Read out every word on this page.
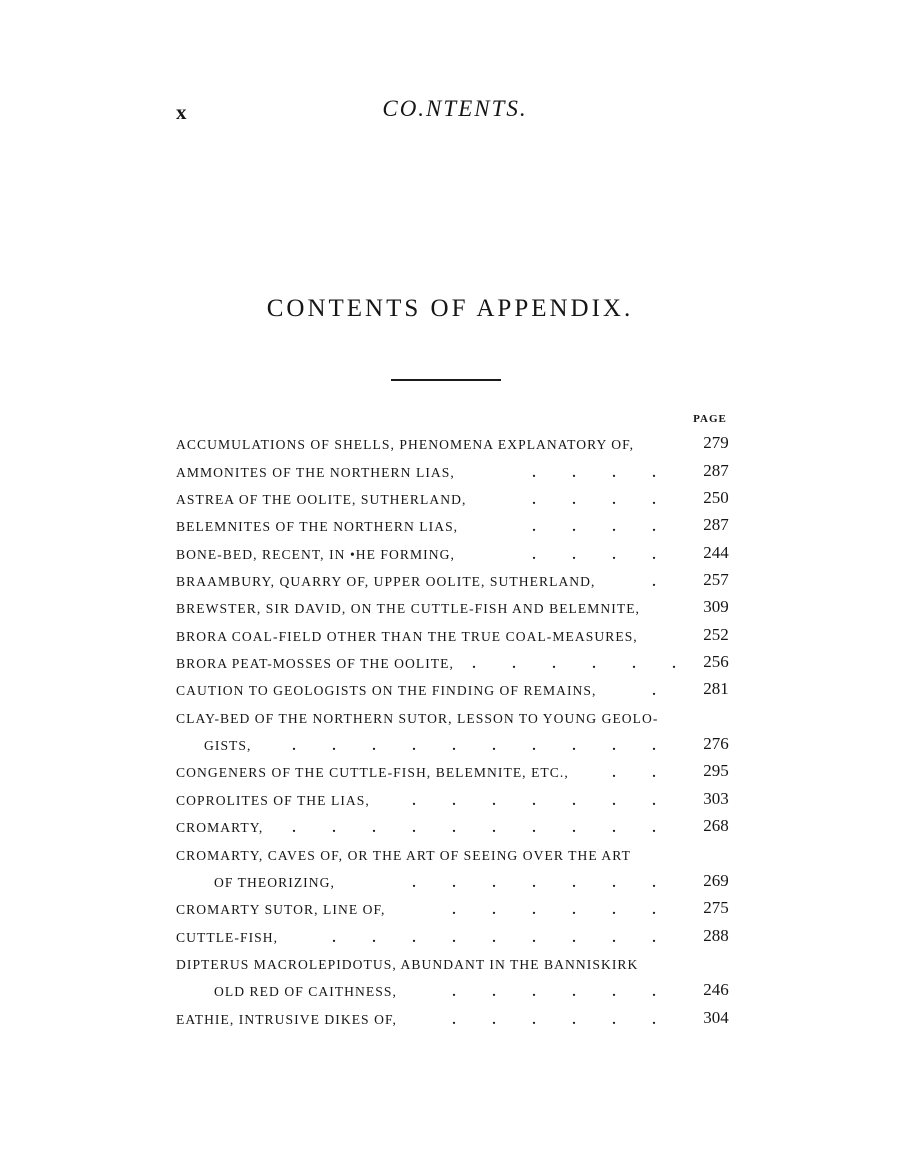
x	CO.ΝTENTS.
CONTENTS OF APPENDIX.
PAGE
ACCUMULATIONS OF SHELLS, PHENOMENA EXPLANATORY OF,	279
AMMONITES OF THE NORTHERN LIAS,	.	.	.	.	287
ASTREA OF THE OOLITE, SUTHERLAND,	.	.	.	.	250
BELEMNITES OF THE NORTHERN LIAS,	.	.	.	.	287
BONE-BED, RECENT, IN •HE FORMING,	.	.	.	.	244
BRAAMBURY, QUARRY OF, UPPER OOLITE, SUTHERLAND,	.	257
BREWSTER, SIR DAVID, ON THE CUTTLE-FISH AND BELEMNITE,	309
BRORA COAL-FIELD OTHER THAN THE TRUE COAL-MEASURES,	252
BRORA PEAT-MOSSES OF THE OOLITE,	.	.	.	.	.	.	256
CAUTION TO GEOLOGISTS ON THE FINDING OF REMAINS,	.	281
CLAY-BED OF THE NORTHERN SUTOR, LESSON TO YOUNG GEOLO-
GISTS,	.	.	.	.	.	.	.	.	.	.	276
CONGENERS OF THE CUTTLE-FISH, BELEMNITE, ETC.,	.	.	295
COPROLITES OF THE LIAS,	.	.	.	.	.	.	.	303
CROMARTY,	.	.	.	.	.	.	.	.	.	.	268
CROMARTY, CAVES OF, OR THE ART OF SEEING OVER THE ART
OF THEORIZING,	.	.	.	.	.	.	.	269
CROMARTY SUTOR, LINE OF,	.	.	.	.	.	.	275
CUTTLE-FISH,	.	.	.	.	.	.	.	.	.	288
DIPTERUS MACROLEPIDOTUS, ABUNDANT IN THE BANNISKIRK
OLD RED OF CAITHNESS,	.	.	.	.	.	.	246
EATHIE, INTRUSIVE DIKES OF,	.	.	.	.	.	.	304
